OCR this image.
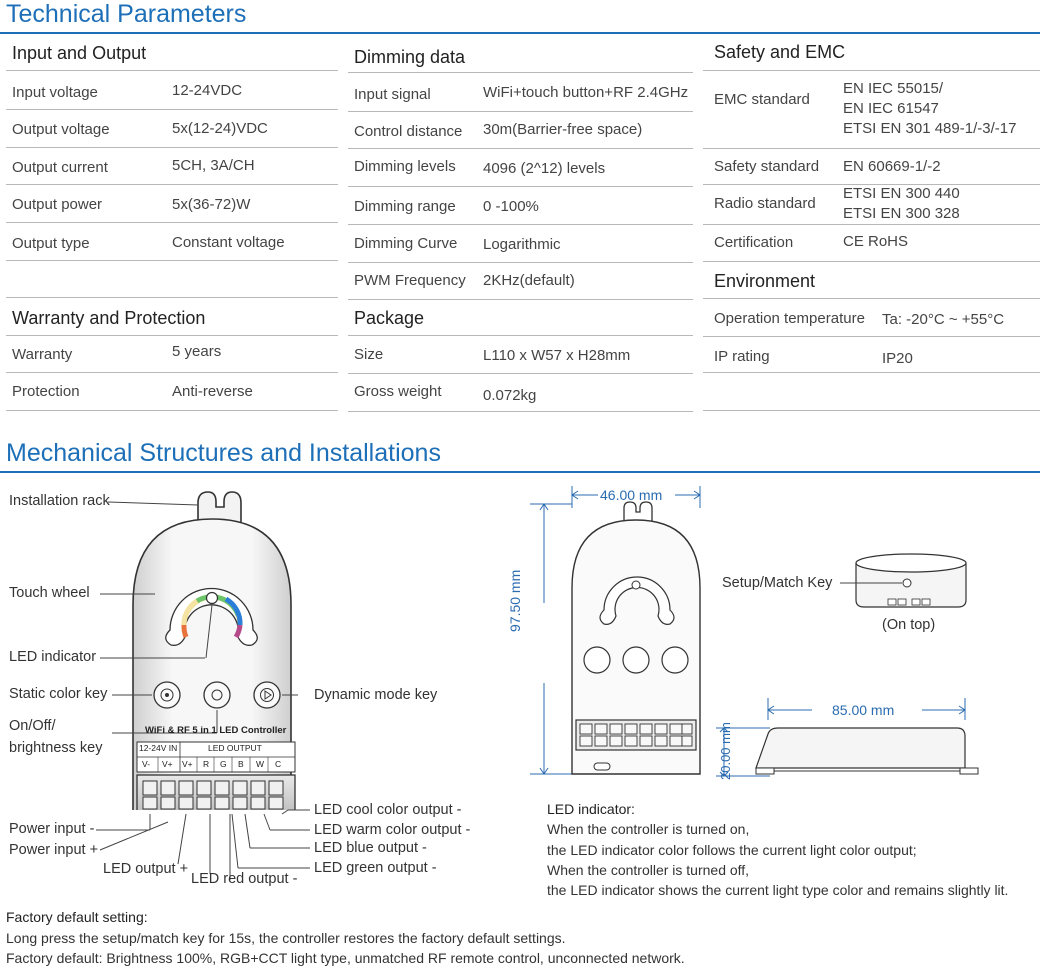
Technical Parameters
Input and Output
Input voltage	12-24VDC
Output voltage	5x(12-24)VDC
Output current	5CH, 3A/CH
Output power	5x(36-72)W
Output type	Constant voltage
Warranty and Protection
Warranty	5 years
Protection	Anti-reverse
Dimming data
Input signal	WiFi+touch button+RF 2.4GHz
Control distance 30m(Barrier-free space)
Dimming levels 4096 (2^12) levels
Dimming range 0 -100%
Dimming Curve Logarithmic
PWM Frequency 2KHz(default)
Package
Size	L110 x W57 x H28mm
Gross weight	0.072kg
Safety and EMC
EMC standard
EN IEC 55015/
EN IEC 61547
ETSI EN 301 489-1/-3/-17
Safety standard EN 60669-1/-2
Radio standard
ETSI EN 300 440
ETSI EN 300 328
Certification	CE RoHS
Environment
Operation temperature Ta: -20°C ~ +55°C
IP rating	IP20
Mechanical Structures and Installations
WiFi & RF 5 in 1 LED Controller
12-24V IN	LED OUTPUT
V- V+ V+ R G B W C
Installation rack
Touch wheel
LED indicator
Static color key
On/Off/
brightness key
Power input -
Power input +
LED output +
LED red output -
Dynamic mode key
LED cool color output -
LED warm color output -
LED blue output -
LED green output -
46.00 mm
97.50 mm	Setup/Match Key
(On top)
85.00 mm
20.00 mm
LED indicator:
When the controller is turned on,
the LED indicator color follows the current light color output;
When the controller is turned off,
the LED indicator shows the current light type color and remains slightly lit.
Factory default setting:
Long press the setup/match key for 15s, the controller restores the factory default settings.
Factory default: Brightness 100%, RGB+CCT light type, unmatched RF remote control, unconnected network.
